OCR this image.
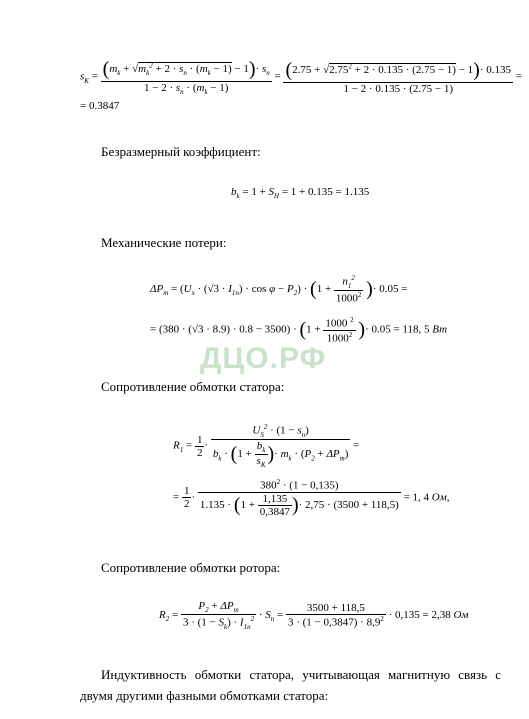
$s_K = \frac{(m_k + √m_k^2 + 2 \cdot s_n \cdot (m_k - 1) - 1)\cdot s_n}{1 - 2 \cdot s_n \cdot (m_k - 1)} = \frac{(2.75 + √2.75^2 + 2 \cdot 0.135 \cdot (2.75 - 1) - 1)\cdot 0.135}{1 - 2 \cdot 0.135 \cdot (2.75 - 1)}$ =
= 0.3847
Безразмерный коэффициент:
$b_k = 1 + S_H = 1 + 0.135 = 1.135$
Механические потери:
$\Delta P_m = (U_x \cdot (√3 \cdot I_{1n}) \cdot \cos \varphi - P_2) \cdot (1 + \frac{n_1^2}{1000^2}$ )· 0.05 =
= $(380 \cdot (√3 \cdot 8.9) \cdot 0.8 - 3500) \cdot (1 + \frac{1000 ^2}{1000^2}$ )· 0.05 = 118, 5 Вт
ДЦО.РФ
Сопротивление обмотки статора:
$R_1 = \frac{1}{2} \cdot \frac{U_S^2 \cdot (1 - s_n)}{b_k \cdot (1 + \frac{b_k}{s_K} )\cdot m_k \cdot (P_2 + \Delta P_m)}$ =
= $\frac{1}{2} \cdot \frac{380^2 \cdot (1 - 0,135)}{1.135 \cdot (1 + \frac{1,135}{0,3847} )\cdot 2,75 \cdot (3500 + 118,5)} = 1$, 4 Ом,
Сопротивление обмотки ротора:
$R_2 = \frac{P_2 + \Delta P_m}{3 \cdot (1 - S_k) \cdot I_{1n}^2} \cdot S_n = \frac{3500 + 118,5}{3 \cdot (1 - 0,3847) \cdot 8,9^2} \cdot 0,135 = 2,38$ Ом
Индуктивность обмотки статора, учитывающая магнитную связь с
двумя другими фазными обмотками статора:
